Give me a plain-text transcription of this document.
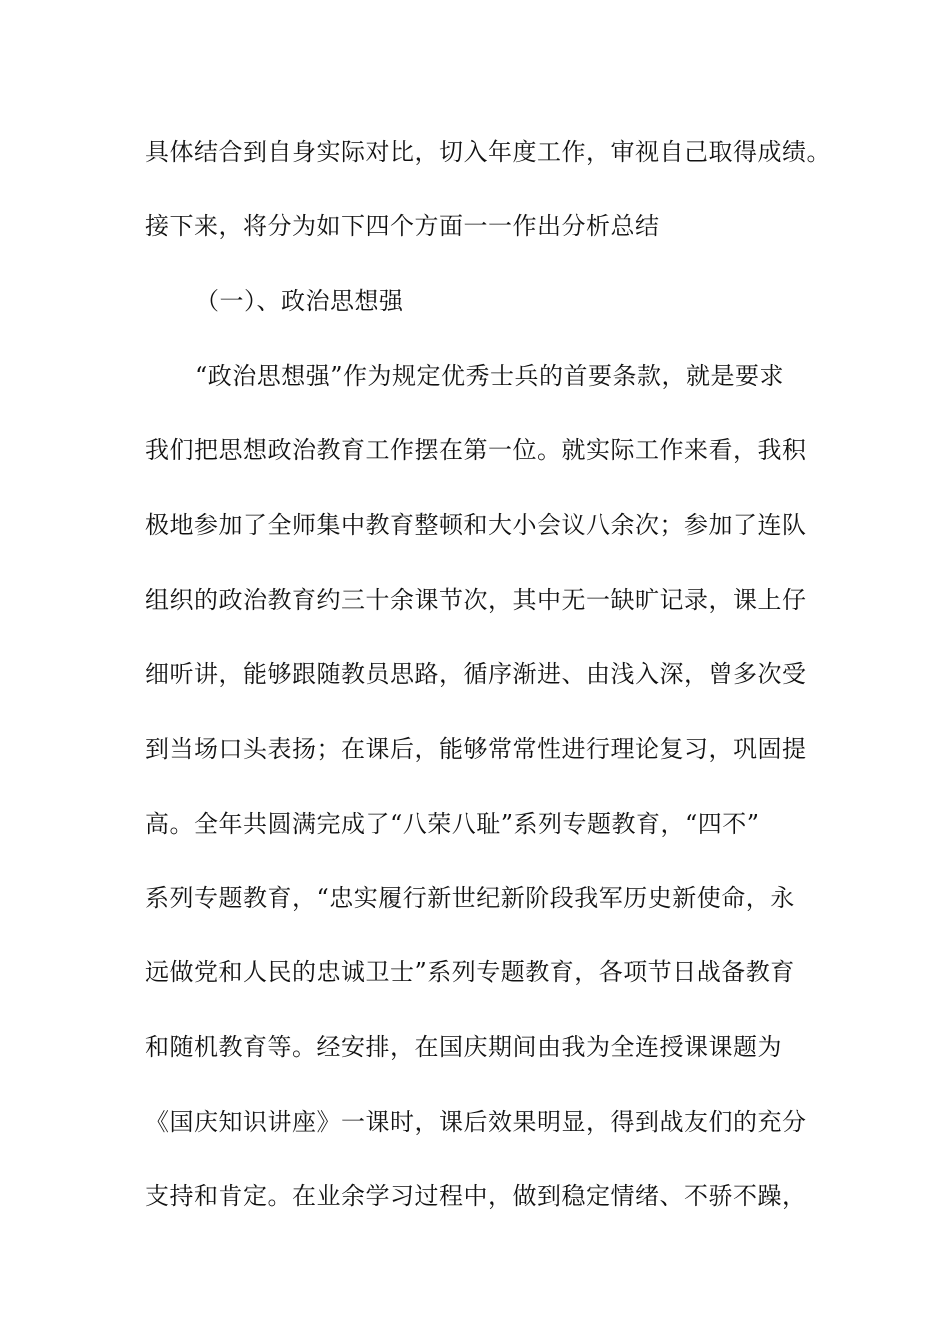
具体结合到自身实际对比，切入年度工作，审视自己取得成绩。
接下来，将分为如下四个方面一一作出分析总结
（一）、政治思想强
“政治思想强”作为规定优秀士兵的首要条款，就是要求
我们把思想政治教育工作摆在第一位。就实际工作来看，我积
极地参加了全师集中教育整顿和大小会议八余次；参加了连队
组织的政治教育约三十余课节次，其中无一缺旷记录，课上仔
细听讲，能够跟随教员思路，循序渐进、由浅入深，曾多次受
到当场口头表扬；在课后，能够常常性进行理论复习，巩固提
高。全年共圆满完成了“八荣八耻”系列专题教育，“四不”
系列专题教育，“忠实履行新世纪新阶段我军历史新使命，永
远做党和人民的忠诚卫士”系列专题教育，各项节日战备教育
和随机教育等。经安排，在国庆期间由我为全连授课课题为
《国庆知识讲座》一课时，课后效果明显，得到战友们的充分
支持和肯定。在业余学习过程中，做到稳定情绪、不骄不躁，
